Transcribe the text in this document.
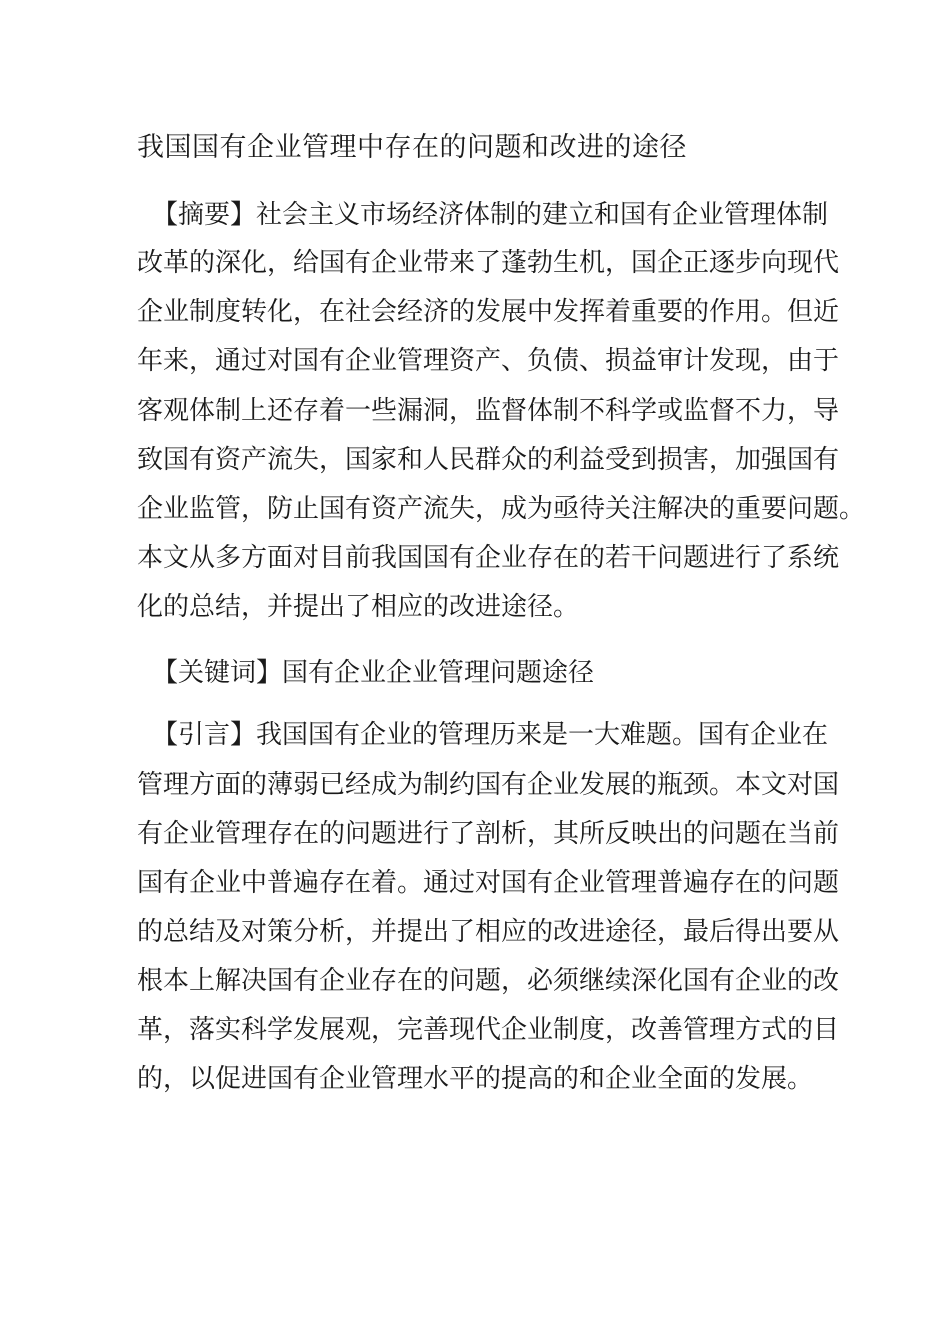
我国国有企业管理中存在的问题和改进的途径
【摘要】社会主义市场经济体制的建立和国有企业管理体制
改革的深化，给国有企业带来了蓬勃生机，国企正逐步向现代
企业制度转化，在社会经济的发展中发挥着重要的作用。但近
年来，通过对国有企业管理资产、负债、损益审计发现，由于
客观体制上还存着一些漏洞，监督体制不科学或监督不力，导
致国有资产流失，国家和人民群众的利益受到损害，加强国有
企业监管，防止国有资产流失，成为亟待关注解决的重要问题。
本文从多方面对目前我国国有企业存在的若干问题进行了系统
化的总结，并提出了相应的改进途径。
【关键词】国有企业企业管理问题途径
【引言】我国国有企业的管理历来是一大难题。国有企业在
管理方面的薄弱已经成为制约国有企业发展的瓶颈。本文对国
有企业管理存在的问题进行了剖析，其所反映出的问题在当前
国有企业中普遍存在着。通过对国有企业管理普遍存在的问题
的总结及对策分析，并提出了相应的改进途径，最后得出要从
根本上解决国有企业存在的问题，必须继续深化国有企业的改
革，落实科学发展观，完善现代企业制度，改善管理方式的目
的，以促进国有企业管理水平的提高的和企业全面的发展。
